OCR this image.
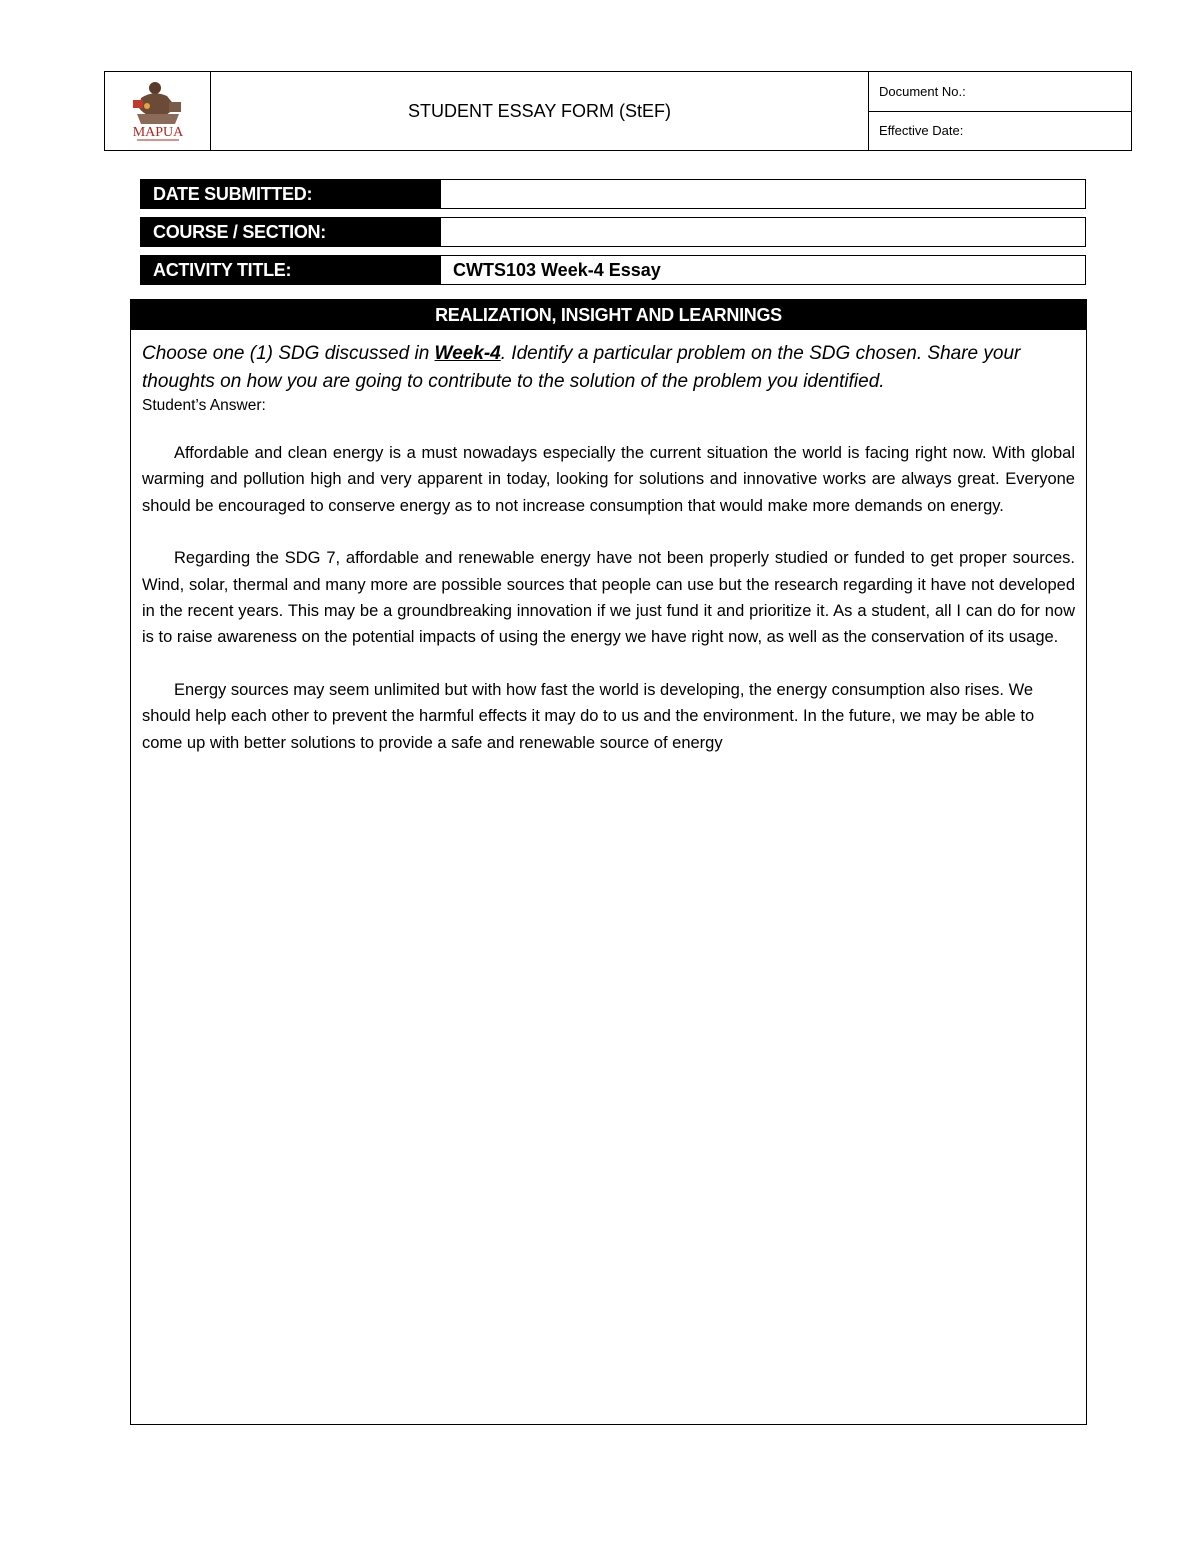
MAPUA
STUDENT ESSAY FORM (StEF)
Document No.:
Effective Date:
DATE SUBMITTED:
COURSE / SECTION:
ACTIVITY TITLE:	CWTS103 Week-4 Essay
REALIZATION, INSIGHT AND LEARNINGS

Choose one (1) SDG discussed in Week-4. Identify a particular problem on the SDG chosen. Share your thoughts on how you are going to contribute to the solution of the problem you identified.

Student’s Answer:

Affordable and clean energy is a must nowadays especially the current situation the world is facing right now. With global warming and pollution high and very apparent in today, looking for solutions and innovative works are always great. Everyone should be encouraged to conserve energy as to not increase consumption that would make more demands on energy.

Regarding the SDG 7, affordable and renewable energy have not been properly studied or funded to get proper sources. Wind, solar, thermal and many more are possible sources that people can use but the research regarding it have not developed in the recent years. This may be a groundbreaking innovation if we just fund it and prioritize it. As a student, all I can do for now is to raise awareness on the potential impacts of using the energy we have right now, as well as the conservation of its usage.

Energy sources may seem unlimited but with how fast the world is developing, the energy consumption also rises. We should help each other to prevent the harmful effects it may do to us and the environment. In the future, we may be able to come up with better solutions to provide a safe and renewable source of energy
